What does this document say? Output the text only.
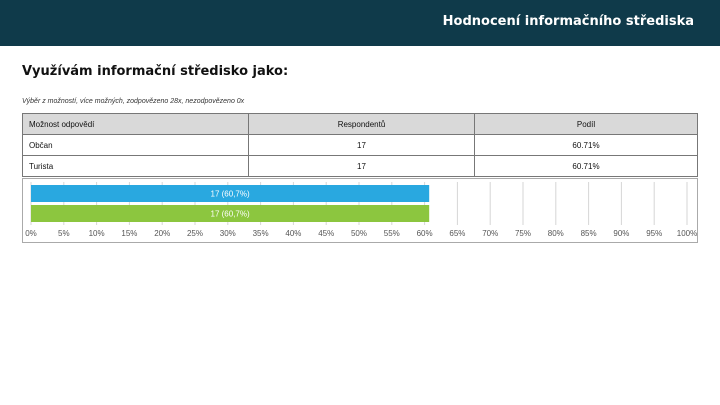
Hodnocení informačního střediska
Využívám informační středisko jako:
Výběr z možností, více možných, zodpovězeno 28x, nezodpovězeno 0x
Možnost odpovědí	Respondentů	Podíl
Občan	17	60.71%
Turista	17	60.71%
0%	5% 10% 15% 20% 25% 30% 35% 40% 45% 50% 55% 60% 65% 70% 75% 80% 85% 90% 95% 100%
17 (60,7%)
17 (60,7%)
